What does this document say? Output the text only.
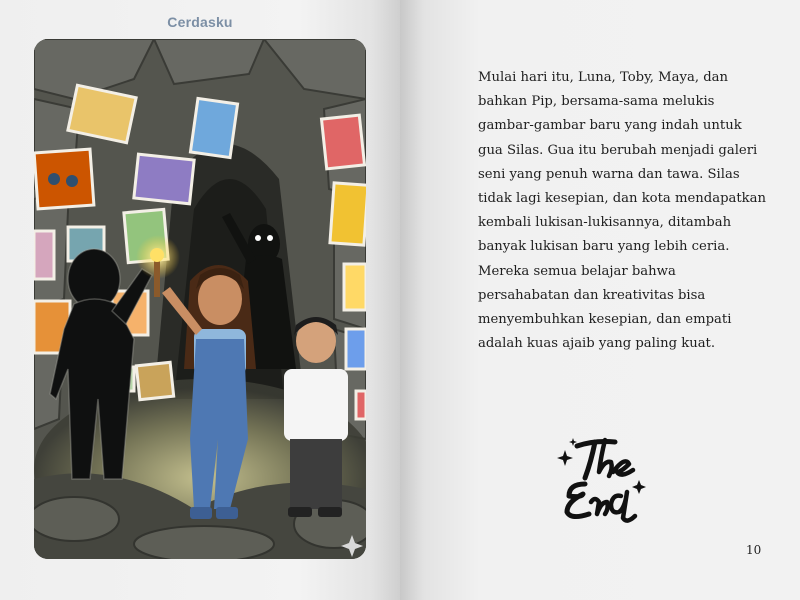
Cerdasku

Mulai hari itu, Luna, Toby, Maya, dan bahkan Pip, bersama-sama melukis gambar-gambar baru yang indah untuk gua Silas. Gua itu berubah menjadi galeri seni yang penuh warna dan tawa. Silas tidak lagi kesepian, dan kota mendapatkan kembali lukisan-lukisannya, ditambah banyak lukisan baru yang lebih ceria. Mereka semua belajar bahwa persahabatan dan kreativitas bisa menyembuhkan kesepian, dan empati adalah kuas ajaib yang paling kuat.

10
